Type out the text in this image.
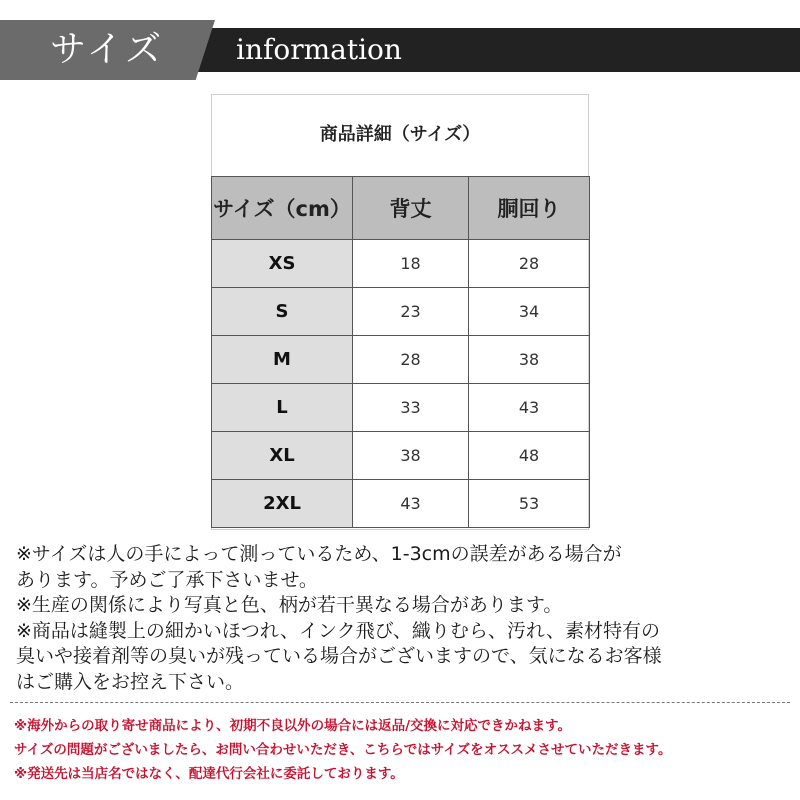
サイズ	information
商品詳細（サイズ）
サイズ（cm）	背丈	胴回り
XS	18	28
S	23	34
M	28	38
L	33	43
XL	38	48
2XL	43	53
※サイズは人の手によって測っているため、1-3cmの誤差がある場合が
あります。予めご了承下さいませ。
※生産の関係により写真と色、柄が若干異なる場合があります。
※商品は縫製上の細かいほつれ、インク飛び、織りむら、汚れ、素材特有の
臭いや接着剤等の臭いが残っている場合がございますので、気になるお客様
はご購入をお控え下さい。
※海外からの取り寄せ商品により、初期不良以外の場合には返品/交換に対応できかねます。
サイズの問題がございましたら、お問い合わせいただき、こちらではサイズをオススメさせていただきます。
※発送先は当店名ではなく、配達代行会社に委託しております。
